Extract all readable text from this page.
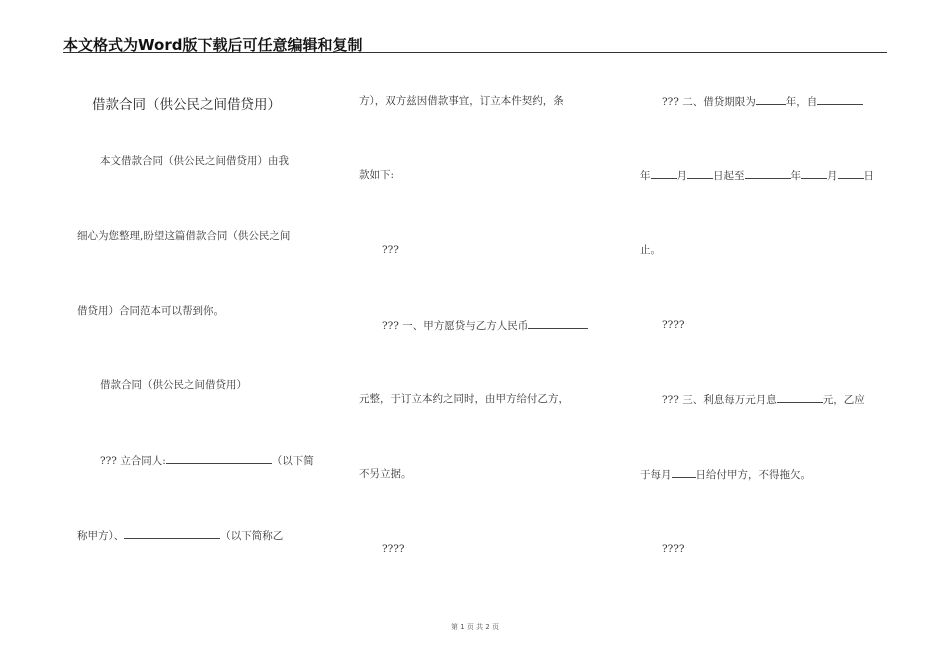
本文格式为Word版下载后可任意编辑和复制
借款合同（供公民之间借贷用）
本文借款合同（供公民之间借贷用）由我
细心为您整理,盼望这篇借款合同（供公民之间
借贷用）合同范本可以帮到你。
借款合同（供公民之间借贷用）
??? 立合同人:	（以下简
称甲方）、	（以下简称乙
方），双方兹因借款事宜，订立本件契约，条
款如下:
???
??? 一、甲方愿贷与乙方人民币
元整，于订立本约之同时，由甲方给付乙方，
不另立据。
????
??? 二、借贷期限为	年，自
年 月 日起至	年 月 日
止。
????
??? 三、利息每万元月息	元，乙应
于每月 日给付甲方，不得拖欠。
????
第 1 页 共 2 页
